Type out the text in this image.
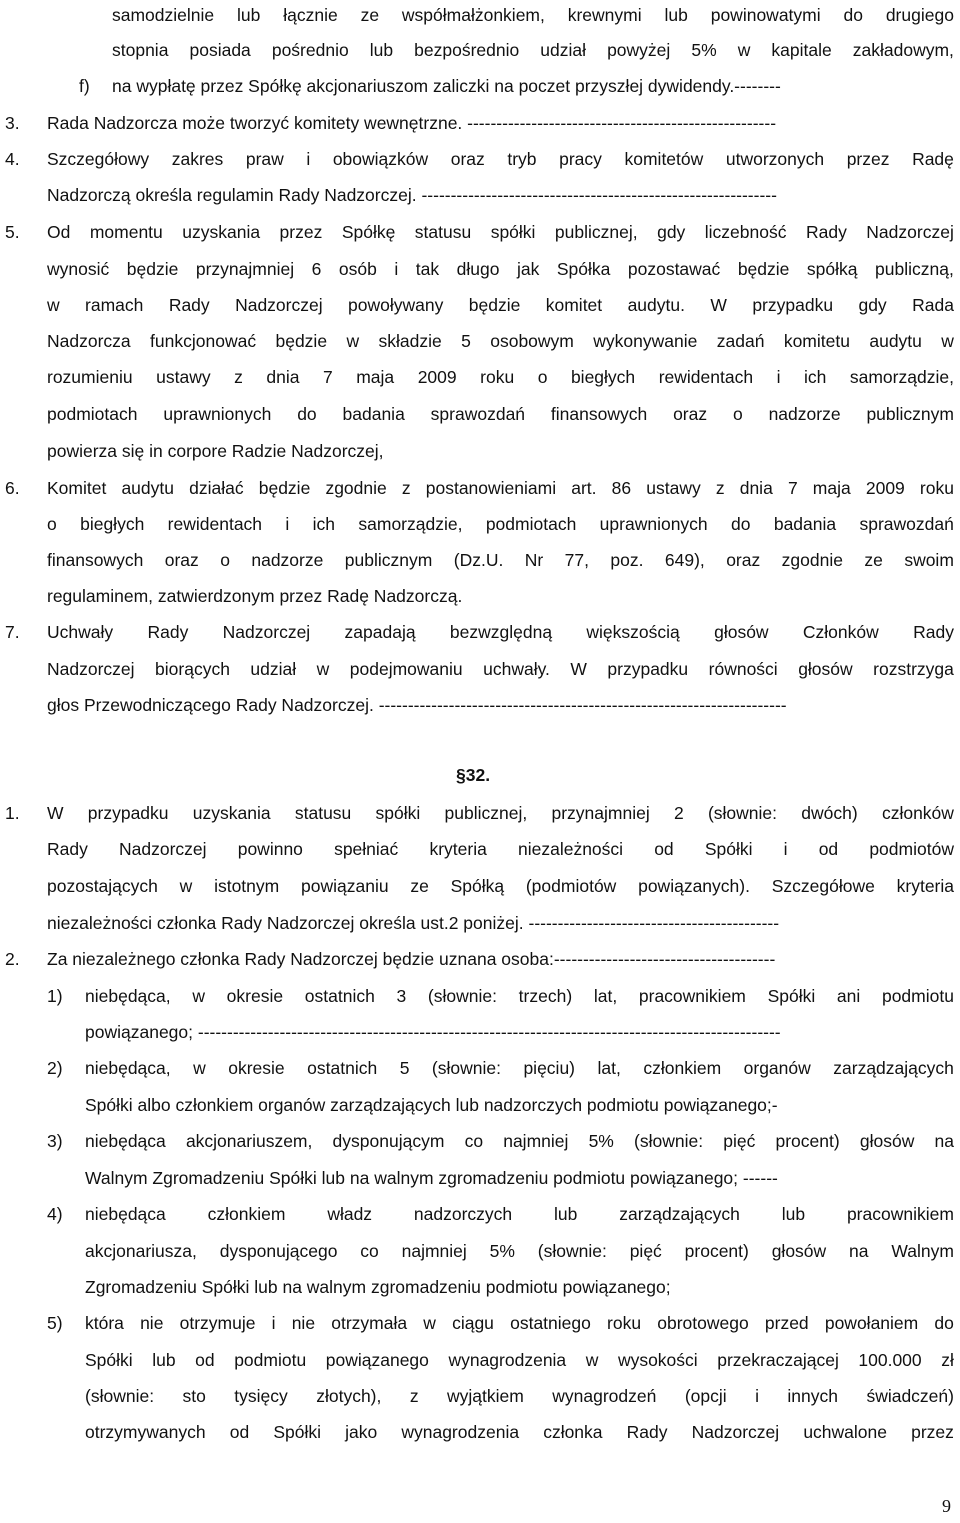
samodzielnie lub łącznie ze współmałżonkiem, krewnymi lub powinowatymi do drugiego
stopnia posiada pośrednio lub bezpośrednio udział powyżej 5% w kapitale zakładowym,
f) na wypłatę przez Spółkę akcjonariuszom zaliczki na poczet przyszłej dywidendy.--------
3. Rada Nadzorcza może tworzyć komitety wewnętrzne. -----------------------------------------------------
4. Szczegółowy zakres praw i obowiązków oraz tryb pracy komitetów utworzonych przez Radę
Nadzorczą określa regulamin Rady Nadzorczej. -------------------------------------------------------------
5. Od momentu uzyskania przez Spółkę statusu spółki publicznej, gdy liczebność Rady Nadzorczej
wynosić będzie przynajmniej 6 osób i tak długo jak Spółka pozostawać będzie spółką publiczną,
w ramach Rady Nadzorczej powoływany będzie komitet audytu. W przypadku gdy Rada
Nadzorcza funkcjonować będzie w składzie 5 osobowym wykonywanie zadań komitetu audytu w
rozumieniu ustawy z dnia 7 maja 2009 roku o biegłych rewidentach i ich samorządzie,
podmiotach uprawnionych do badania sprawozdań finansowych oraz o nadzorze publicznym
powierza się in corpore Radzie Nadzorczej,
6. Komitet audytu działać będzie zgodnie z postanowieniami art. 86 ustawy z dnia 7 maja 2009 roku
o biegłych rewidentach i ich samorządzie, podmiotach uprawnionych do badania sprawozdań
finansowych oraz o nadzorze publicznym (Dz.U. Nr 77, poz. 649), oraz zgodnie ze swoim
regulaminem, zatwierdzonym przez Radę Nadzorczą.
7. Uchwały Rady Nadzorczej zapadają bezwzględną większością głosów Członków Rady
Nadzorczej biorących udział w podejmowaniu uchwały. W przypadku równości głosów rozstrzyga
głos Przewodniczącego Rady Nadzorczej. ----------------------------------------------------------------------
§32.
1. W przypadku uzyskania statusu spółki publicznej, przynajmniej 2 (słownie: dwóch) członków
Rady Nadzorczej powinno spełniać kryteria niezależności od Spółki i od podmiotów
pozostających w istotnym powiązaniu ze Spółką (podmiotów powiązanych). Szczegółowe kryteria
niezależności członka Rady Nadzorczej określa ust.2 poniżej. -------------------------------------------
2. Za niezależnego członka Rady Nadzorczej będzie uznana osoba:--------------------------------------
1) niebędąca, w okresie ostatnich 3 (słownie: trzech) lat, pracownikiem Spółki ani podmiotu
powiązanego; ----------------------------------------------------------------------------------------------------
2) niebędąca, w okresie ostatnich 5 (słownie: pięciu) lat, członkiem organów zarządzających
Spółki albo członkiem organów zarządzających lub nadzorczych podmiotu powiązanego;-
3) niebędąca akcjonariuszem, dysponującym co najmniej 5% (słownie: pięć procent) głosów na
Walnym Zgromadzeniu Spółki lub na walnym zgromadzeniu podmiotu powiązanego; ------
4) niebędąca członkiem władz nadzorczych lub zarządzających lub pracownikiem
akcjonariusza, dysponującego co najmniej 5% (słownie: pięć procent) głosów na Walnym
Zgromadzeniu Spółki lub na walnym zgromadzeniu podmiotu powiązanego;
5) która nie otrzymuje i nie otrzymała w ciągu ostatniego roku obrotowego przed powołaniem do
Spółki lub od podmiotu powiązanego wynagrodzenia w wysokości przekraczającej 100.000 zł
(słownie: sto tysięcy złotych), z wyjątkiem wynagrodzeń (opcji i innych świadczeń)
otrzymywanych od Spółki jako wynagrodzenia członka Rady Nadzorczej uchwalone przez
9
